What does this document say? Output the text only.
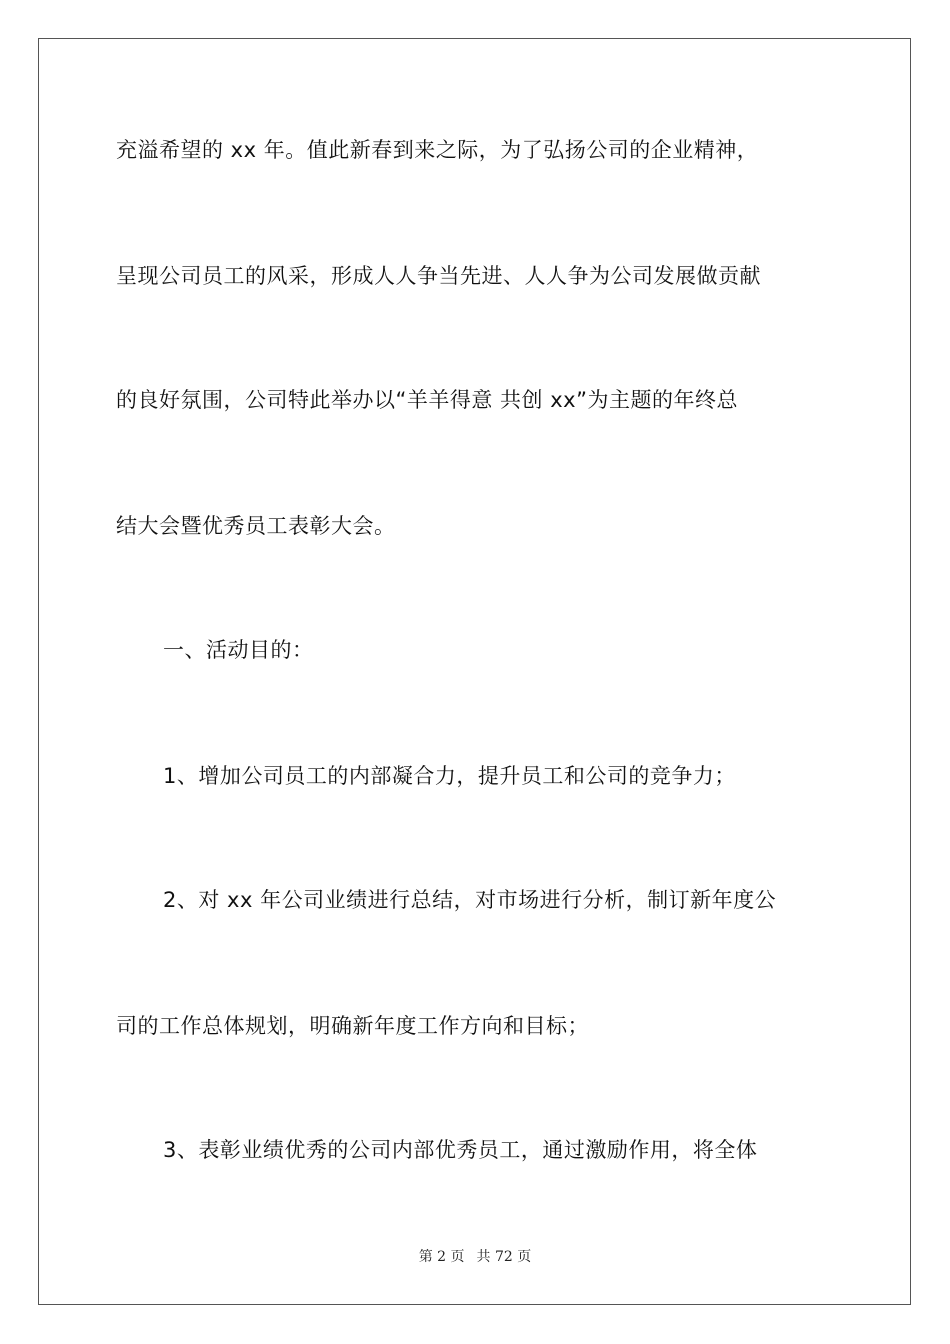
充溢希望的 xx 年。值此新春到来之际，为了弘扬公司的企业精神，
呈现公司员工的风采，形成人人争当先进、人人争为公司发展做贡献
的良好氛围，公司特此举办以“羊羊得意 共创 xx”为主题的年终总
结大会暨优秀员工表彰大会。
一、活动目的：
1、增加公司员工的内部凝合力，提升员工和公司的竞争力；
2、对 xx 年公司业绩进行总结，对市场进行分析，制订新年度公
司的工作总体规划，明确新年度工作方向和目标；
3、表彰业绩优秀的公司内部优秀员工，通过激励作用，将全体
第 2 页 共 72 页
